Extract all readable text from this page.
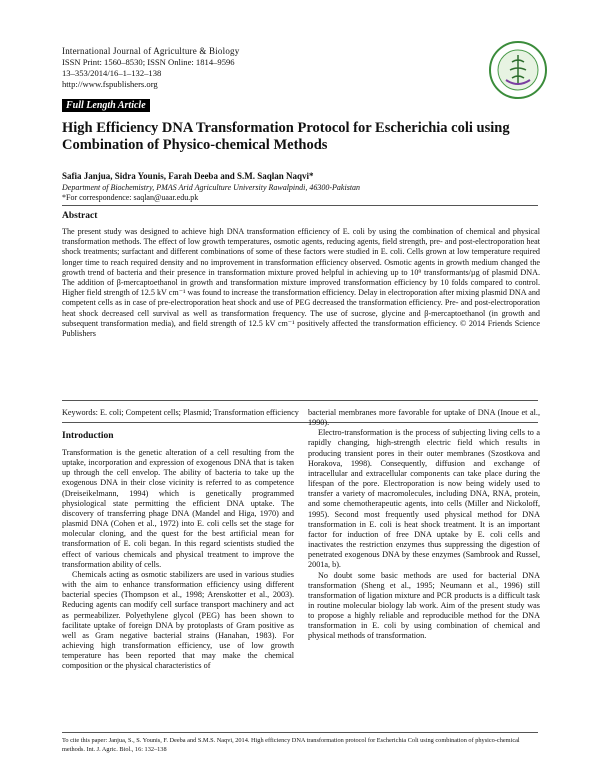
International Journal of Agriculture & Biology
ISSN Print: 1560–8530; ISSN Online: 1814–9596
13–353/2014/16–1–132–138
http://www.fspublishers.org
Full Length Article
High Efficiency DNA Transformation Protocol for Escherichia coli using Combination of Physico-chemical Methods
Safia Janjua, Sidra Younis, Farah Deeba and S.M. Saqlan Naqvi*
Department of Biochemistry, PMAS Arid Agriculture University Rawalpindi, 46300-Pakistan
*For correspondence: saqlan@uaar.edu.pk
Abstract
The present study was designed to achieve high DNA transformation efficiency of E. coli by using the combination of chemical and physical transformation methods. The effect of low growth temperatures, osmotic agents, reducing agents, field strength, pre- and post-electroporation heat shock treatments; surfactant and different combinations of some of these factors were studied in E. coli. Cells grown at low temperature required longer time to reach required density and no improvement in transformation efficiency observed. Osmotic agents in growth medium changed the growth trend of bacteria and their presence in transformation mixture proved helpful in achieving up to 10⁹ transformants/µg of plasmid DNA. The addition of β-mercaptoethanol in growth and transformation mixture improved transformation efficiency by 10 folds compared to control. Higher field strength of 12.5 kV cm⁻¹ was found to increase the transformation efficiency. Delay in electroporation after mixing plasmid DNA and competent cells as in case of pre-electroporation heat shock and use of PEG decreased the transformation efficiency. Pre- and post-electroporation heat shock decreased cell survival as well as transformation frequency. The use of sucrose, glycine and β-mercaptoethanol (in growth and subsequent transformation media), and field strength of 12.5 kV cm⁻¹ positively affected the transformation efficiency. © 2014 Friends Science Publishers
Keywords: E. coli; Competent cells; Plasmid; Transformation efficiency
Introduction

Transformation is the genetic alteration of a cell resulting from the uptake, incorporation and expression of exogenous DNA that is taken up through the cell envelop. The ability of bacteria to take up the exogenous DNA in their close vicinity is referred to as competence (Dreiseikelmann, 1994) which is genetically programmed physiological state permitting the efficient DNA uptake. The discovery of transferring phage DNA (Mandel and Higa, 1970) and plasmid DNA (Cohen et al., 1972) into E. coli cells set the stage for molecular cloning, and the quest for the best artificial mean for transformation of E. coli began. In this regard scientists studied the effect of various chemicals and physical treatment to improve the transformation ability of cells.

Chemicals acting as osmotic stabilizers are used in various studies with the aim to enhance transformation efficiency using different bacterial species (Thompson et al., 1998; Arenskotter et al., 2003). Reducing agents can modify cell surface transport machinery and act as permeabilizer. Polyethylene glycol (PEG) has been shown to facilitate uptake of foreign DNA by protoplasts of Gram positive as well as Gram negative bacterial strains (Hanahan, 1983). For achieving high transformation efficiency, use of low growth temperature has been reported that may make the chemical composition or the physical characteristics of

bacterial membranes more favorable for uptake of DNA (Inoue et al., 1990).

Electro-transformation is the process of subjecting living cells to a rapidly changing, high-strength electric field which results in producing transient pores in their outer membranes (Szostkova and Horakova, 1998). Consequently, diffusion and exchange of intracellular and extracellular components can take place during the lifespan of the pore. Electroporation is now being widely used to transfer a variety of macromolecules, including DNA, RNA, protein, and some chemotherapeutic agents, into cells (Miller and Nickoloff, 1995). Second most frequently used physical method for DNA transformation in E. coli is heat shock treatment. It is an important factor for induction of free DNA uptake by E. coli cells and inactivates the restriction enzymes thus suppressing the digestion of penetrated exogenous DNA by these enzymes (Sambrook and Russel, 2001a, b).

No doubt some basic methods are used for bacterial DNA transformation (Sheng et al., 1995; Neumann et al., 1996) still transformation of ligation mixture and PCR products is a difficult task in routine molecular biology lab work. Aim of the present study was to propose a highly reliable and reproducible method for the DNA transformation in E. coli by using combination of chemical and physical methods of transformation.

To cite this paper: Janjua, S., S. Younis, F. Deeba and S.M.S. Naqvi, 2014. High efficiency DNA transformation protocol for Escherichia Coli using combination of physico-chemical methods. Int. J. Agric. Biol., 16: 132–138
